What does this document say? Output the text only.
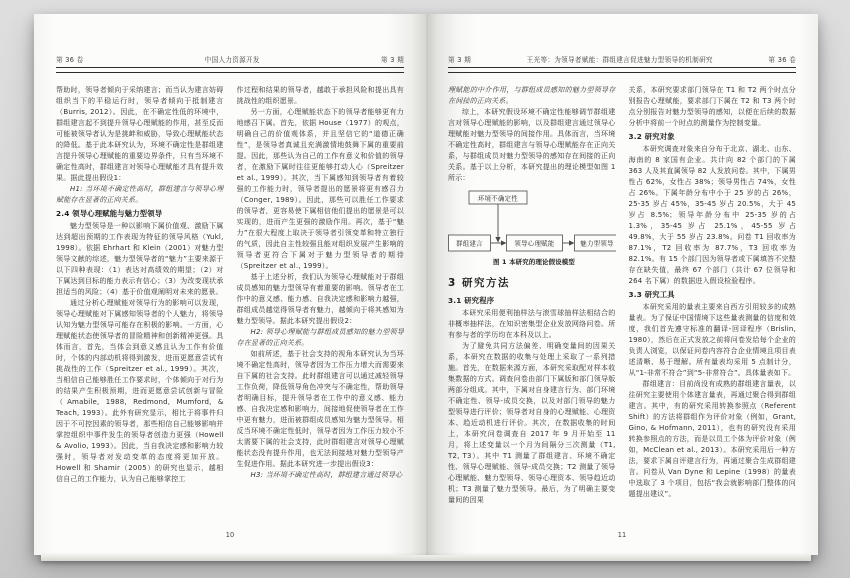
第 36 卷	中国人力资源开发	第 3 期

帮助时，领导者倾向于采纳建言；而当认为建言妨碍组织当下的平稳运行时，领导者倾向于抵制建言（Burris, 2012）。因此，在不确定性低的环境中，群组建言起不到提升领导心理赋能的作用，甚至反而可能被领导者认为是挑衅和威胁，导致心理赋能状态的降低。基于此本研究认为，环境不确定性是群组建言提升领导心理赋能的重要边界条件，只有当环境不确定性高时，群组建言对领导心理赋能才具有提升效果。据此提出假设1：

H1: 当环境不确定性高时，群组建言与领导心理赋能存在显著的正向关系。

2.4 领导心理赋能与魅力型领导

魅力型领导是一种以影响下属价值观、激励下属达到超出预期的工作表现为特征的领导风格（Yukl, 1998）。依据 Ehrhart 和 Klein（2001）对魅力型领导文献的综述，魅力型领导者的“魅力”主要来源于以下四种表现：（1）表达对高绩效的期望；（2）对下属达到目标的能力表示有信心；（3）为改变现状承担适当的风险；（4）基于价值观阐明对未来的愿景。

通过分析心理赋能对领导行为的影响可以发现，领导心理赋能对下属感知领导者的个人魅力，将领导认知为魅力型领导可能存在积极的影响。一方面，心理赋能状态使领导者的冒险精神和创新精神更强。具体而言，首先，当体会到意义感且认为工作有价值时，个体的内部动机将得到激发，进而更愿意尝试有挑战性的工作（Spreitzer et al., 1999）。其次，当相信自己能够胜任工作要求时，个体倾向于对行为的结果产生积极预期，进而更愿意尝试创新与冒险（Amabile, 1988, Redmond, Mumford, & Teach, 1993）。此外有研究显示，相比于将事件归因于不可控因素的领导者，那些相信自己能够影响并掌控组织中事件发生的领导者创造力更强（Howell & Avolio, 1993）。因此，当自我决定感和影响力较强时，领导者对发动变革的态度将更加开放。Howell 和 Shamir（2005）的研究也显示，越相信自己的工作能力，认为自己能够掌控工

作过程和结果的领导者，越敢于承担风险和提出具有挑战性的组织愿景。

另一方面，心理赋能状态下的领导者能够更有力地感召下属。首先，依据 House（1977）的观点，明确自己的价值观体系，并且坚信它的“道德正确性”，是领导者真诚且充满激情地鼓舞下属的重要前提。因此，那些认为自己的工作有意义和价值的领导者，在激励下属时往往更能够打动人心（Spreitzer et al., 1999）。其次，当下属感知到领导者有着较强的工作能力时，领导者提出的愿景将更有感召力（Conger, 1989）。因此，那些可以胜任工作要求的领导者，更容易使下属相信他们提出的愿景是可以实现的，进而产生更强的激励作用。再次，基于“魅力”在很大程度上取决于领导者引领变革和特立独行的气质，因此自主性较强且能对组织发展产生影响的领导者更符合下属对于魅力型领导者的期待（Spreitzer et al., 1999）。

基于上述分析，我们认为领导心理赋能对于群组成员感知的魅力型领导有着重要的影响。领导者在工作中的意义感、能力感、自我决定感和影响力越强，群组成员越觉得领导者有魅力，越倾向于将其感知为魅力型领导。据此本研究提出假设2：

H2: 领导心理赋能与群组成员感知的魅力型领导存在显著的正向关系。

如前所述，基于社会支持的视角本研究认为当环境不确定性高时，领导者因为工作压力增大而需要来自下属的社会支持。此时群组建言可以通过减轻领导工作负荷，降低领导角色冲突与不确定性，帮助领导者明确目标，提升领导者在工作中的意义感、能力感、自我决定感和影响力，间接地促使领导者在工作中更有魅力，进而被群组成员感知为魅力型领导。相反当环境不确定性低时，领导者因为工作压力较小不太需要下属的社会支持，此时群组建言对领导心理赋能状态没有提升作用，也无法间接地对魅力型领导产生促进作用。据此本研究进一步提出假设3：

H3: 当环境不确定性高时，群组建言通过领导心

10
第 3 期	王光等：为领导者赋能：群组建言促进魅力型领导的机制研究	第 36 卷

理赋能的中介作用，与群组成员感知的魅力型领导存在间接的正向关系。

综上，本研究假设环境不确定性能够调节群组建言对领导心理赋能的影响，以及群组建言通过领导心理赋能对魅力型领导的间接作用。具体而言，当环境不确定性高时，群组建言与领导心理赋能存在正向关系，与群组成员对魅力型领导的感知存在间接的正向关系。基于以上分析，本研究提出的理论模型如图 1 所示：

环境不确定性
群组建言	领导心理赋能	魅力型领导
图 1 本研究的理论假设模型
3 研究方法
3.1 研究程序

本研究采用便利抽样法与滚雪球抽样法相结合的非概率抽样法，在知识密集型企业发放网络问卷。所有参与者的学历均在本科及以上。

为了避免共同方法偏差、明确变量间的因果关系，本研究在数据的收集与处理上采取了一系列措施。首先，在数据来源方面，本研究采取配对样本收集数据的方式。调查问卷由部门下属版和部门领导版两部分组成。其中，下属对自身建言行为、部门环境不确定性、领导-成员交换，以及对部门领导的魅力型领导进行评价；领导者对自身的心理赋能、心理资本、趋近动机进行评价。其次，在数据收集的时间上，本研究问卷调查自 2017 年 9 月开始至 11 月，将上述变量以一个月为间隔分三次测量（T1, T2, T3）。其中 T1 测量了群组建言、环境不确定性、领导心理赋能、领导-成员交换；T2 测量了领导心理赋能、魅力型领导、领导心理资本、领导趋近动机；T3 测量了魅力型领导。最后，为了明确主要变量间的因果

关系，本研究要求部门领导在 T1 和 T2 两个时点分别报告心理赋能，要求部门下属在 T2 和 T3 两个时点分别报告对魅力型领导的感知，以便在后续的数据分析中将前一个时点的测量作为控制变量。

3.2 研究对象

本研究调查对象来自分布于北京、湖北、山东、海南的 8 家国有企业。共计向 82 个部门的下属 363 人及其直属领导 82 人发放问卷。其中，下属男性占 62%，女性占 38%；领导男性占 74%，女性占 26%。下属年龄分布中小于 25 岁的占 26%，25-35 岁占 45%，35-45 岁占 20.5%，大于 45 岁占 8.5%；领导年龄分布中 25-35 岁的占 1.3%，35-45 岁占 25.1%，45-55 岁占 49.8%，大于 55 岁占 23.8%。问卷 T1 回收率为 87.1%，T2 回收率为 87.7%，T3 回收率为 82.1%。有 15 个部门因为领导者或下属填答不完整存在缺失值，最终 67 个部门（共计 67 位领导和 264 名下属）的数据进入假设检验程序。

3.3 研究工具

本研究采用的量表主要来自西方引用较多的成熟量表。为了保证中国情境下这些量表测量的信度和效度，我们首先遵守标准的翻译-回译程序（Brislin, 1980），然后在正式发放之前将问卷发给每个企业的负责人浏览，以保证问卷内容符合企业情境且项目表述清晰、易于理解。所有量表均采用 5 点制计分，从“1-非常不符合”到“5-非常符合”。具体量表如下。

群组建言：目前尚没有成熟的群组建言量表，以往研究主要使用个体建言量表，再通过聚合得到群组建言。其中，有的研究采用转换参照点（Referent Shift）的方法将群组作为评价对象（例如，Grant, Gino, & Hofmann, 2011），也有的研究没有采用转换参照点的方法，而是以员工个体为评价对象（例如，McClean et al., 2013）。本研究采用后一种方法，要求下属自评建言行为，再通过聚合生成群组建言。问卷从 Van Dyne 和 Lepine（1998）的量表中选取了 3 个项目，包括“我会就影响部门整体的问题提出建议”。

11
